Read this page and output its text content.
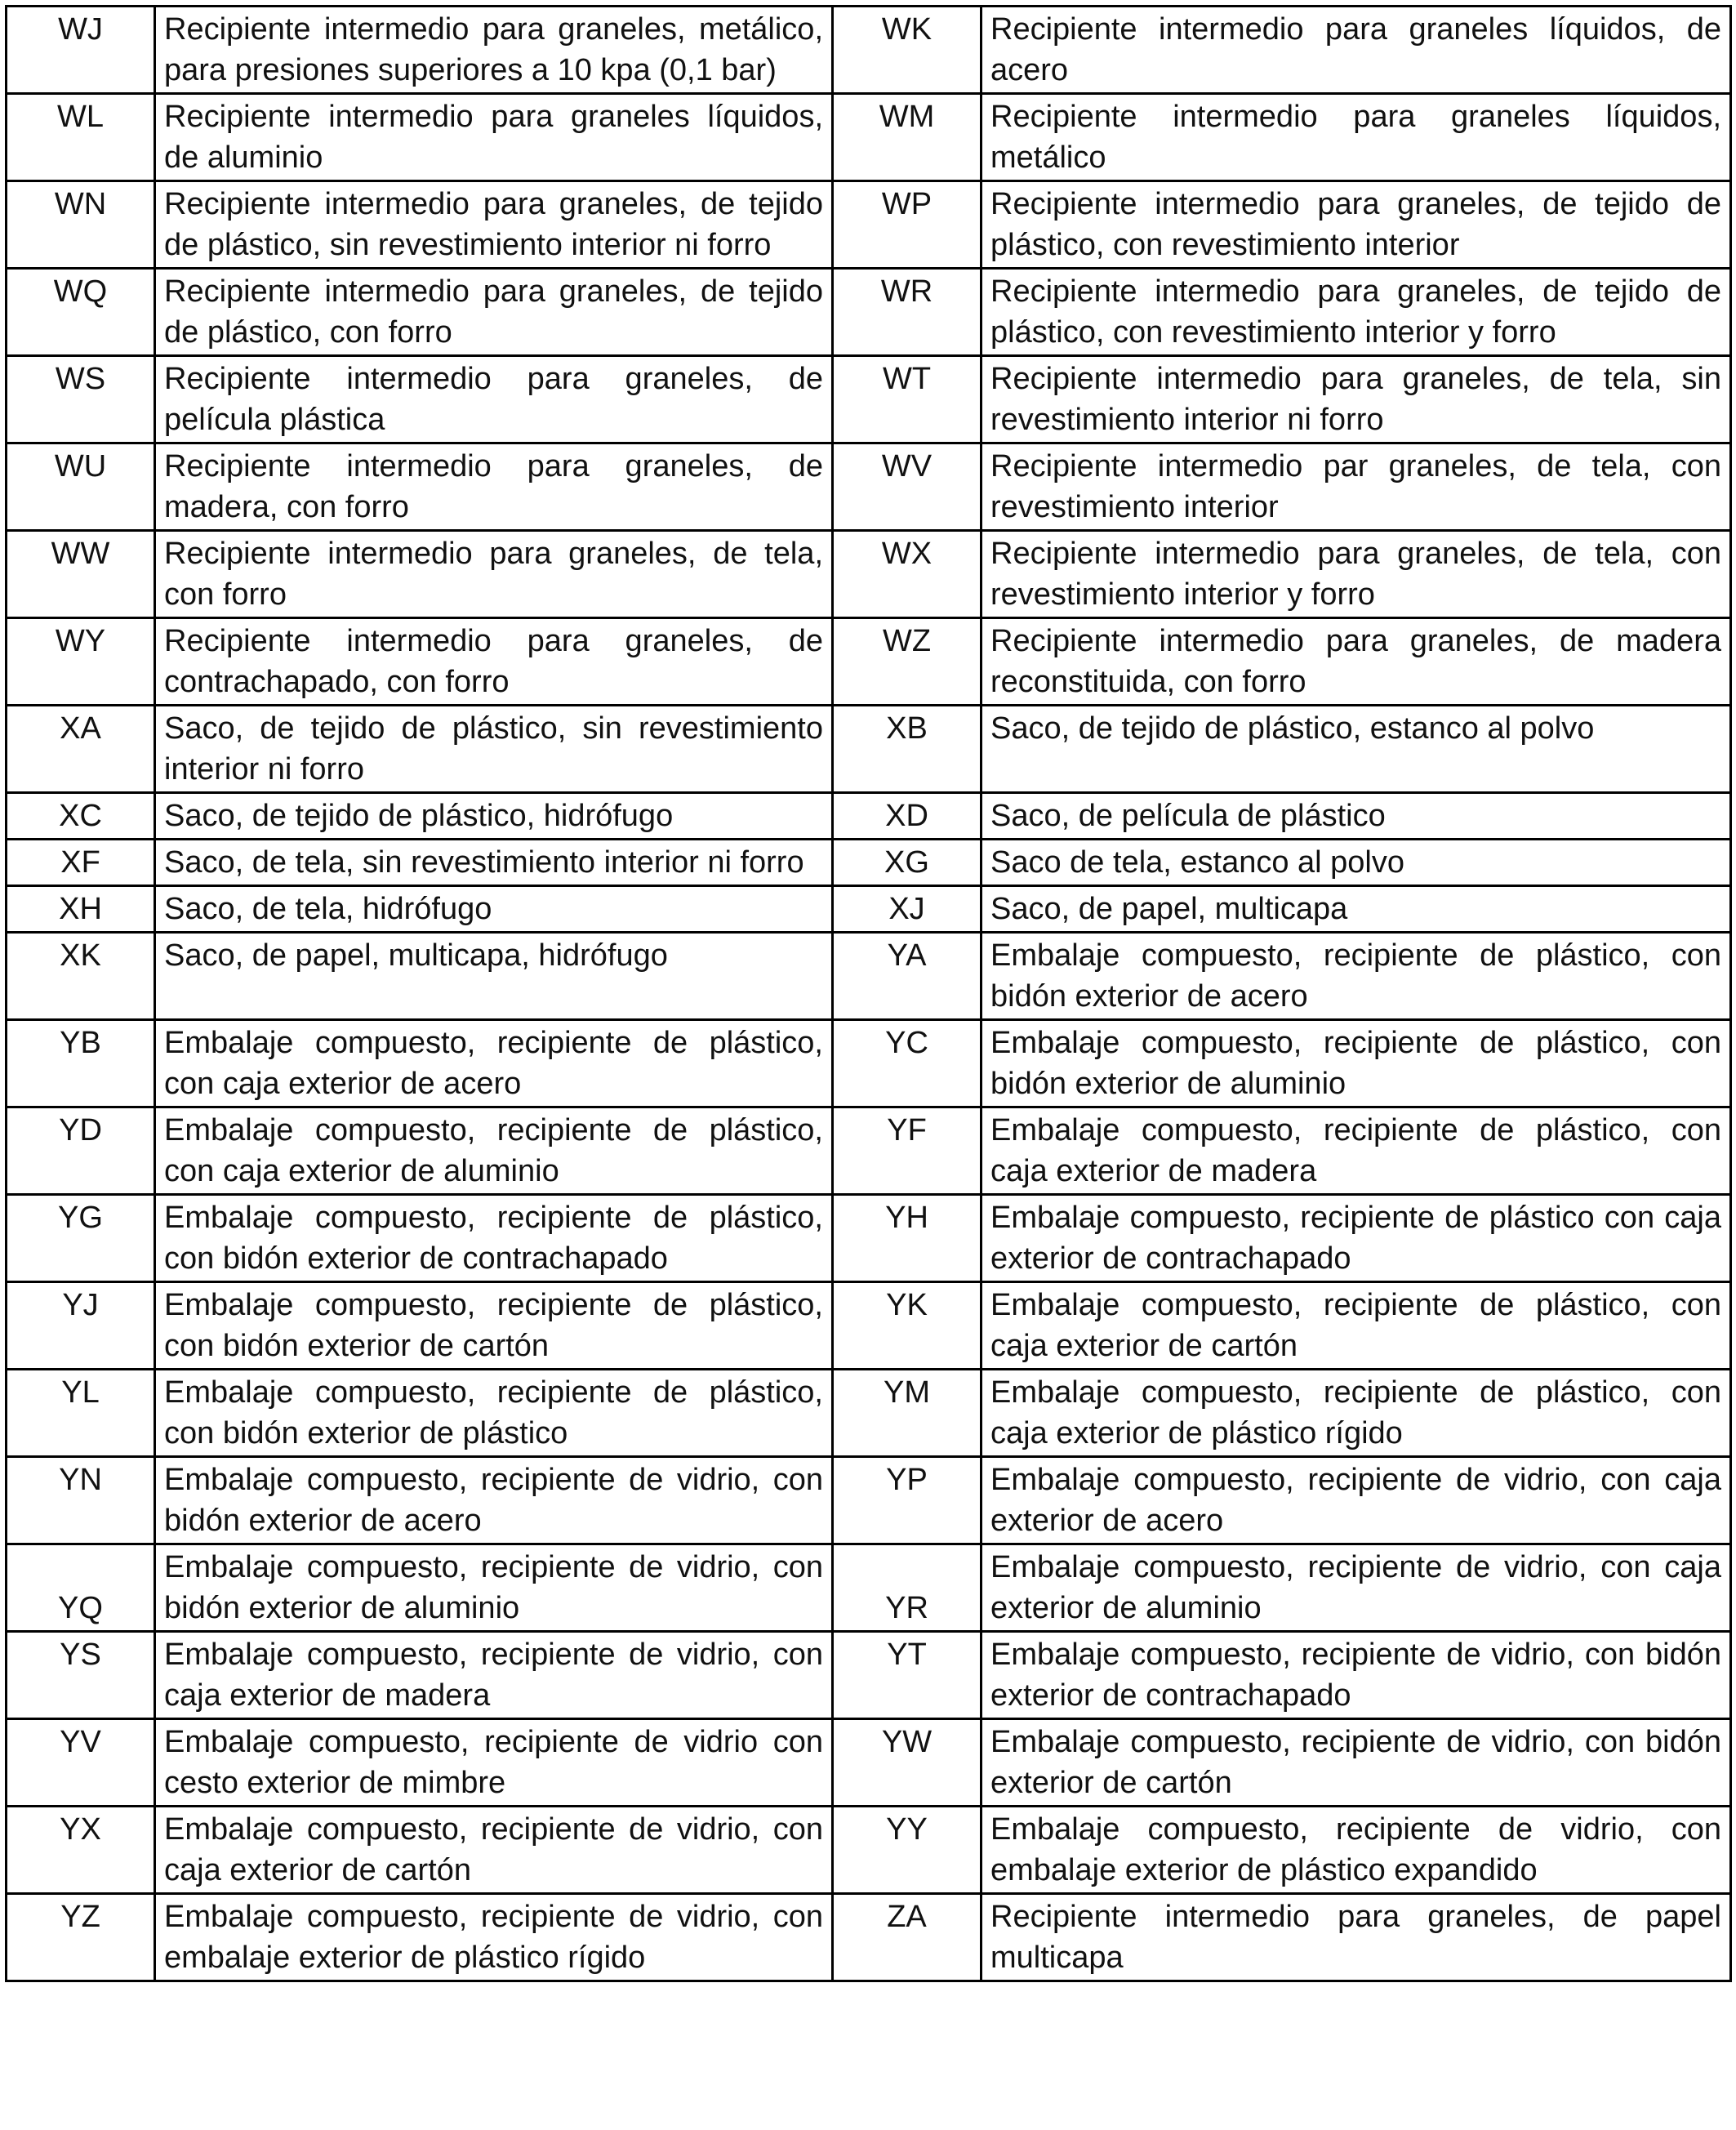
WJ	Recipiente intermedio para graneles, metálico, para presiones superiores a 10 kpa (0,1 bar)	WK	Recipiente intermedio para graneles líquidos, de acero
WL	Recipiente intermedio para graneles líquidos, de aluminio	WM	Recipiente intermedio para graneles líquidos, metálico
WN	Recipiente intermedio para graneles, de tejido de plástico, sin revestimiento interior ni forro	WP	Recipiente intermedio para graneles, de tejido de plástico, con revestimiento interior
WQ	Recipiente intermedio para graneles, de tejido de plástico, con forro	WR	Recipiente intermedio para graneles, de tejido de plástico, con revestimiento interior y forro
WS	Recipiente intermedio para graneles, de película plástica	WT	Recipiente intermedio para graneles, de tela, sin revestimiento interior ni forro
WU	Recipiente intermedio para graneles, de madera, con forro	WV	Recipiente intermedio par graneles, de tela, con revestimiento interior
WW	Recipiente intermedio para graneles, de tela, con forro	WX	Recipiente intermedio para graneles, de tela, con revestimiento interior y forro
WY	Recipiente intermedio para graneles, de contrachapado, con forro	WZ	Recipiente intermedio para graneles, de madera reconstituida, con forro
XA	Saco, de tejido de plástico, sin revestimiento interior ni forro	XB	Saco, de tejido de plástico, estanco al polvo
XC	Saco, de tejido de plástico, hidrófugo	XD	Saco, de película de plástico
XF	Saco, de tela, sin revestimiento interior ni forro	XG	Saco de tela, estanco al polvo
XH	Saco, de tela, hidrófugo	XJ	Saco, de papel, multicapa
XK	Saco, de papel, multicapa, hidrófugo	YA	Embalaje compuesto, recipiente de plástico, con bidón exterior de acero
YB	Embalaje compuesto, recipiente de plástico, con caja exterior de acero	YC	Embalaje compuesto, recipiente de plástico, con bidón exterior de aluminio
YD	Embalaje compuesto, recipiente de plástico, con caja exterior de aluminio	YF	Embalaje compuesto, recipiente de plástico, con caja exterior de madera
YG	Embalaje compuesto, recipiente de plástico, con bidón exterior de contrachapado	YH	Embalaje compuesto, recipiente de plástico con caja exterior de contrachapado
YJ	Embalaje compuesto, recipiente de plástico, con bidón exterior de cartón	YK	Embalaje compuesto, recipiente de plástico, con caja exterior de cartón
YL	Embalaje compuesto, recipiente de plástico, con bidón exterior de plástico	YM	Embalaje compuesto, recipiente de plástico, con caja exterior de plástico rígido
YN	Embalaje compuesto, recipiente de vidrio, con bidón exterior de acero	YP	Embalaje compuesto, recipiente de vidrio, con caja exterior de acero
YQ	Embalaje compuesto, recipiente de vidrio, con bidón exterior de aluminio	YR	Embalaje compuesto, recipiente de vidrio, con caja exterior de aluminio
YS	Embalaje compuesto, recipiente de vidrio, con caja exterior de madera	YT	Embalaje compuesto, recipiente de vidrio, con bidón exterior de contrachapado
YV	Embalaje compuesto, recipiente de vidrio con cesto exterior de mimbre	YW	Embalaje compuesto, recipiente de vidrio, con bidón exterior de cartón
YX	Embalaje compuesto, recipiente de vidrio, con caja exterior de cartón	YY	Embalaje compuesto, recipiente de vidrio, con embalaje exterior de plástico expandido
YZ	Embalaje compuesto, recipiente de vidrio, con embalaje exterior de plástico rígido	ZA	Recipiente intermedio para graneles, de papel multicapa
